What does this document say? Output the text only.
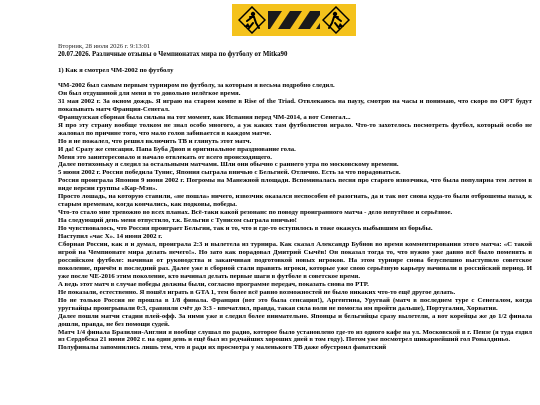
Вторник, 28 июля 2026 г. 9:13:01

20.07.2026. Различные отзывы о Чемпионатах мира по футболу от Mitka90

1) Как я смотрел ЧМ-2002 по футболу

ЧМ-2002 был самым первым турниром по футболу, за которым я весьма подробно следил.

Он был отдушиной для меня в то довольно нелёгкое время.

31 мая 2002 г. За окном дождь. Я играю на старом компе в Rise of the Triad. Отвлекаюсь на паузу, смотрю на часы и понимаю, что скоро по ОРТ будут показывать матч Франция-Сенегал.

Французская сборная была сильна на тот момент, как Испания перед ЧМ-2014, а вот Сенегал...

Я про эту страну вообще толком не знал особо многого, а уж каких там футболистов играло. Что-то захотелось посмотреть футбол, который особо не жаловал по причине того, что мало голов забивается в каждом матче.

Но я не пожалел, что решил включить ТВ и глянуть этот матч.

И да! Сразу же сенсация. Папа Буба Диоп и оригинальное празднование гола.

Меня это заинтересовало и начало отвлекать от всего происходящего.

Далее потихоньку я следил за остальными матчами. Шли они обычно с раннего утра по московскому времени.

5 июня 2002 г. Россия победила Тунис, Япония сыграла вничью с Бельгией. Отлично. Есть за что порадоваться.

Россия проиграла Японии 9 июня 2002 г. Погромы на Манежной площади. Вспоминалась песня про старого извозчика, что была популярна тем летом в виде версии группы «Кар-Мэн».

Просто лошадь, на которую ставили, «не пошла» ничего, извозчик оказался неспособен её разогнать, да и так вот снова куда-то были отброшены назад, к старым временам, когда кончались, как подковы, победы.

Что-то стало мне тревожно во всех планах. Всё-таки какой резонанс по поводу проигранного матча - дело непутёвое и серьёзное.

На следующий день меня отпустило, т.к. Бельгия с Тунисом сыграла вничью!

Но чувствовалось, что Россия проиграет Бельгии, так и то, что и где-то оступилось в тоже окажусь выбывшим из борьбы.

Наступил «час Х». 14 июня 2002 г.

Сборная России, как я и думал, проиграла 2:3 и вылетела из турнира. Как сказал Александр Бубнов во время комментирования этого матча: «С такой игрой на Чемпионате мира делать нечего!». Но зато как порадовал Дмитрий Сычёв! Он показал тогда то, что нужно уже давно всё было поменять в российском футболе: начиная от руководства и заканчивая подготовкой новых игроков. На этом турнире снова безуспешно выступило советское поколение, причём в последний раз. Далее уже в сборной стали править игроки, которые уже свою серьёзную карьеру начинали в российский период. И уже после ЧЕ-2016 этим поколение, кто начинал делать первые шаги в футболе в советское время.

А ведь этот матч в случае победы должны были, согласно программе передач, показать снова по РТР.

Не показали, естественно. Я пошёл играть в GTA 1, тем более всё равно возможностей не было никаких что-то ещё другое делать.

Но не только Россия не прошла в 1/8 финала. Франция (вот это была сенсация!), Аргентина, Уругвай (матч в последнем туре с Сенегалом, когда уругвайцы проигрывали 0:3, сравняли счёт до 3:3 - впечатлил, правда, такая сила воли не помогла им пройти дальше), Португалия, Хорватия.

Далее пошли матчи стадии плей-офф. За ними уже я следил более внимательно. Японцы и бельгийцы сразу вылетели, а вот корейцы же до 1/2 финала дошли, правда, не без помощи судей.

Матч 1/4 финала Бразилия-Англия я вообще слушал по радио, которое было установлено где-то из одного кафе на ул. Московской в г. Пензе (я туда ездил из Сердобска 21 июня 2002 г. на один день и ещё был из редчайших хороших дней в том году). Потом уже посмотрел шикарнейший гол Роналдиньо.

Полуфиналы запомнились лишь тем, что я ради их просмотра у маленького ТВ даже обустроил фанатский
